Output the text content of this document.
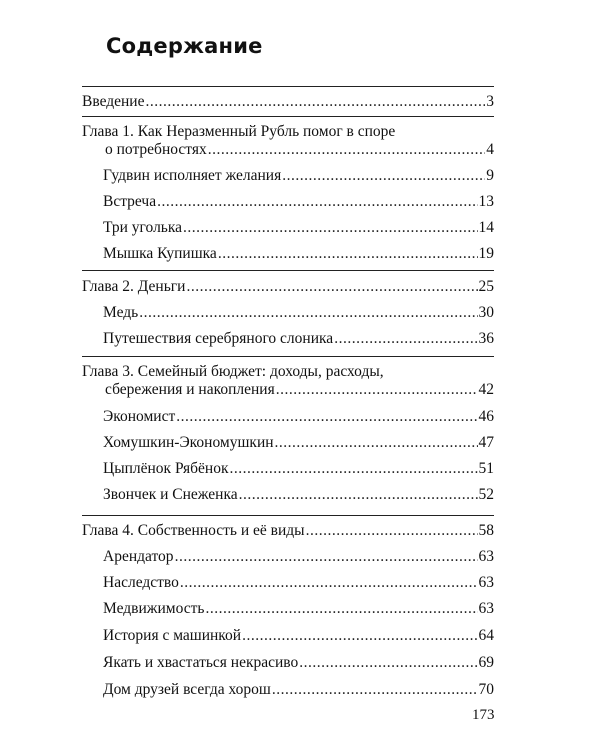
Содержание
Введение .....	3
Глава 1. Как Неразменный Рубль помог в споре
о потребностях .....	4
Гудвин исполняет желания .....	9
Встреча .....	13
Три уголька .....	14
Мышка Купишка .....	19
Глава 2. Деньги .....	25
Медь .....	30
Путешествия серебряного слоника .....	36
Глава 3. Семейный бюджет: доходы, расходы,
сбережения и накопления .....	42
Экономист .....	46
Хомушкин-Экономушкин .....	47
Цыплёнок Рябёнок .....	51
Звончек и Снеженка .....	52
Глава 4. Собственность и её виды .....	58
Арендатор .....	63
Наследство .....	63
Медвижимость .....	63
История с машинкой .....	64
Якать и хвастаться некрасиво .....	69
Дом друзей всегда хорош .....	70
173
